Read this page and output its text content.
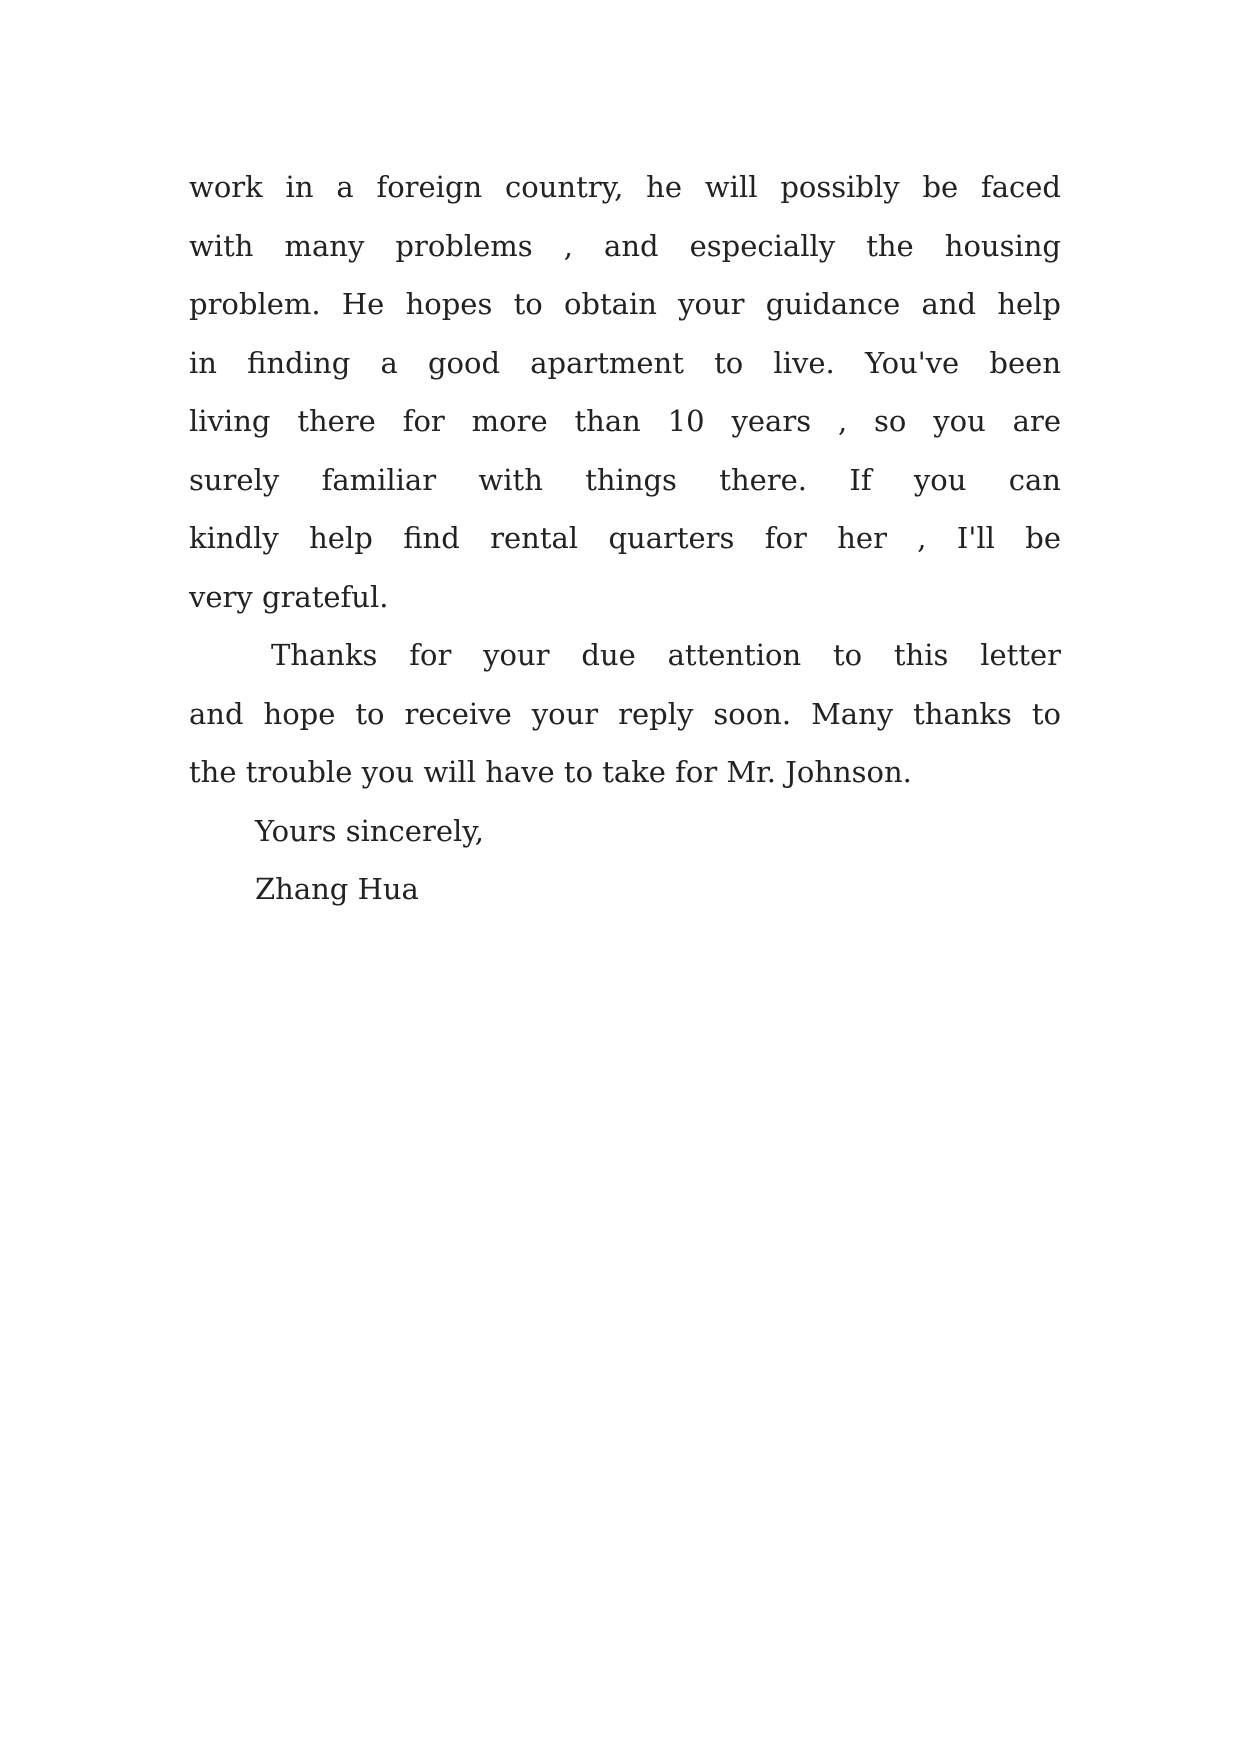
work in a foreign country, he will possibly be faced
with many problems , and especially the housing
problem. He hopes to obtain your guidance and help
in finding a good apartment to live. You've been
living there for more than 10 years , so you are
surely familiar with things there. If you can
kindly help find rental quarters for her , I'll be
very grateful.
Thanks for your due attention to this letter
and hope to receive your reply soon. Many thanks to
the trouble you will have to take for Mr. Johnson.
Yours sincerely,
Zhang Hua
